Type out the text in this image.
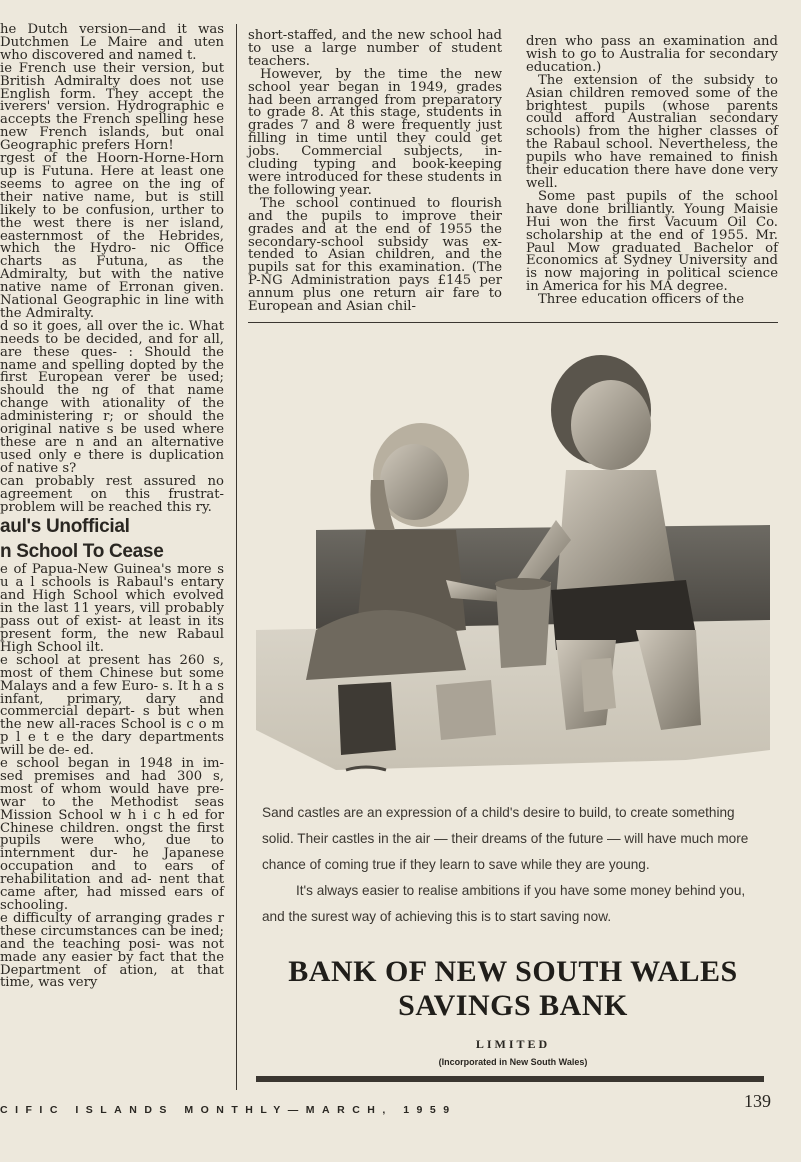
he Dutch version—and it was Dutchmen Le Maire and uten who discovered and named t.

ie French use their version, but British Admiralty does not use English form. They accept the iverers' version. Hydrographic e accepts the French spelling hese new French islands, but onal Geographic prefers Horn!

rgest of the Hoorn-Horne-Horn up is Futuna. Here at least one seems to agree on the ing of their native name, but is still likely to be confusion, urther to the west there is ner island, easternmost of the Hebrides, which the Hydro- nic Office charts as Futuna, as the Admiralty, but with the native native name of Erronan given. National Geographic in line with the Admiralty.

d so it goes, all over the ic. What needs to be decided, and for all, are these ques- : Should the name and spelling dopted by the first European verer be used; should the ng of that name change with ationality of the administering r; or should the original native s be used where these are n and an alternative used only e there is duplication of native s?

can probably rest assured no agreement on this frustrat- problem will be reached this ry.

aul's Unofficial

n School To Cease

e of Papua-New Guinea's more s u a l schools is Rabaul's entary and High School which evolved in the last 11 years, vill probably pass out of exist- at least in its present form, the new Rabaul High School ilt.

e school at present has 260 s, most of them Chinese but some Malays and a few Euro- s. It h a s infant, primary, dary and commercial depart- s but when the new all-races School is c o m p l e t e the dary departments will be de- ed.

e school began in 1948 in im- sed premises and had 300 s, most of whom would have pre-war to the Methodist seas Mission School w h i c h ed for Chinese children. ongst the first pupils were who, due to internment dur- he Japanese occupation and to ears of rehabilitation and ad- nent that came after, had missed ears of schooling.

e difficulty of arranging grades r these circumstances can be ined; and the teaching posi- was not made any easier by fact that the Department of ation, at that time, was very

short-staffed, and the new school had to use a large number of student teachers.

However, by the time the new school year began in 1949, grades had been arranged from preparatory to grade 8. At this stage, students in grades 7 and 8 were frequently just filling in time until they could get jobs. Commercial subjects, in- cluding typing and book-keeping were introduced for these students in the following year.

The school continued to flourish and the pupils to improve their grades and at the end of 1955 the secondary-school subsidy was ex- tended to Asian children, and the pupils sat for this examination. (The P-NG Administration pays £145 per annum plus one return air fare to European and Asian chil-

dren who pass an examination and wish to go to Australia for secondary education.)

The extension of the subsidy to Asian children removed some of the brightest pupils (whose parents could afford Australian secondary schools) from the higher classes of the Rabaul school. Nevertheless, the pupils who have remained to finish their education there have done very well.

Some past pupils of the school have done brilliantly. Young Maisie Hui won the first Vacuum Oil Co. scholarship at the end of 1955. Mr. Paul Mow graduated Bachelor of Economics at Sydney University and is now majoring in political science in America for his MA degree.

Three education officers of the

Sand castles are an expression of a child's desire to build, to create something solid. Their castles in the air — their dreams of the future — will have much more chance of coming true if they learn to save while they are young.

It's always easier to realise ambitions if you have some money behind you, and the surest way of achieving this is to start saving now.

BANK OF NEW SOUTH WALES
SAVINGS BANK
LIMITED
(Incorporated in New South Wales)
CIFIC ISLANDS MONTHLY—MARCH, 1959	139
